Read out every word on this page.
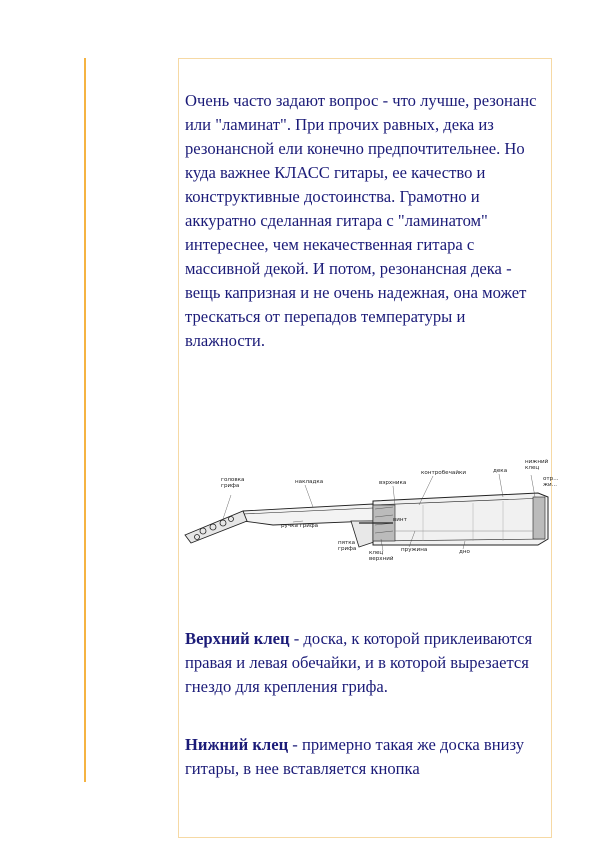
Очень часто задают вопрос - что лучше, резонанс или "ламинат". При прочих равных, дека из резонансной ели конечно предпочтительнее. Но куда важнее КЛАСС гитары, ее качество и конструктивные достоинства. Грамотно и аккуратно сделанная гитара с "ламинатом" интереснее, чем некачественная гитара с массивной декой. И потом, резонансная дека - вещь капризная и не очень надежная, она может трескаться от перепадов температуры и влажности.

головка грифа
накладка	вэрхника
контробечайки	дека
нижний клец
отр... жи...
ручка грифа
винт
пятка грифа
клец верхний
пружина	дно

Верхний клец - доска, к которой приклеиваются правая и левая обечайки, и в которой вырезается гнездо для крепления грифа.

Нижний клец - примерно такая же доска внизу гитары, в нее вставляется кнопка
